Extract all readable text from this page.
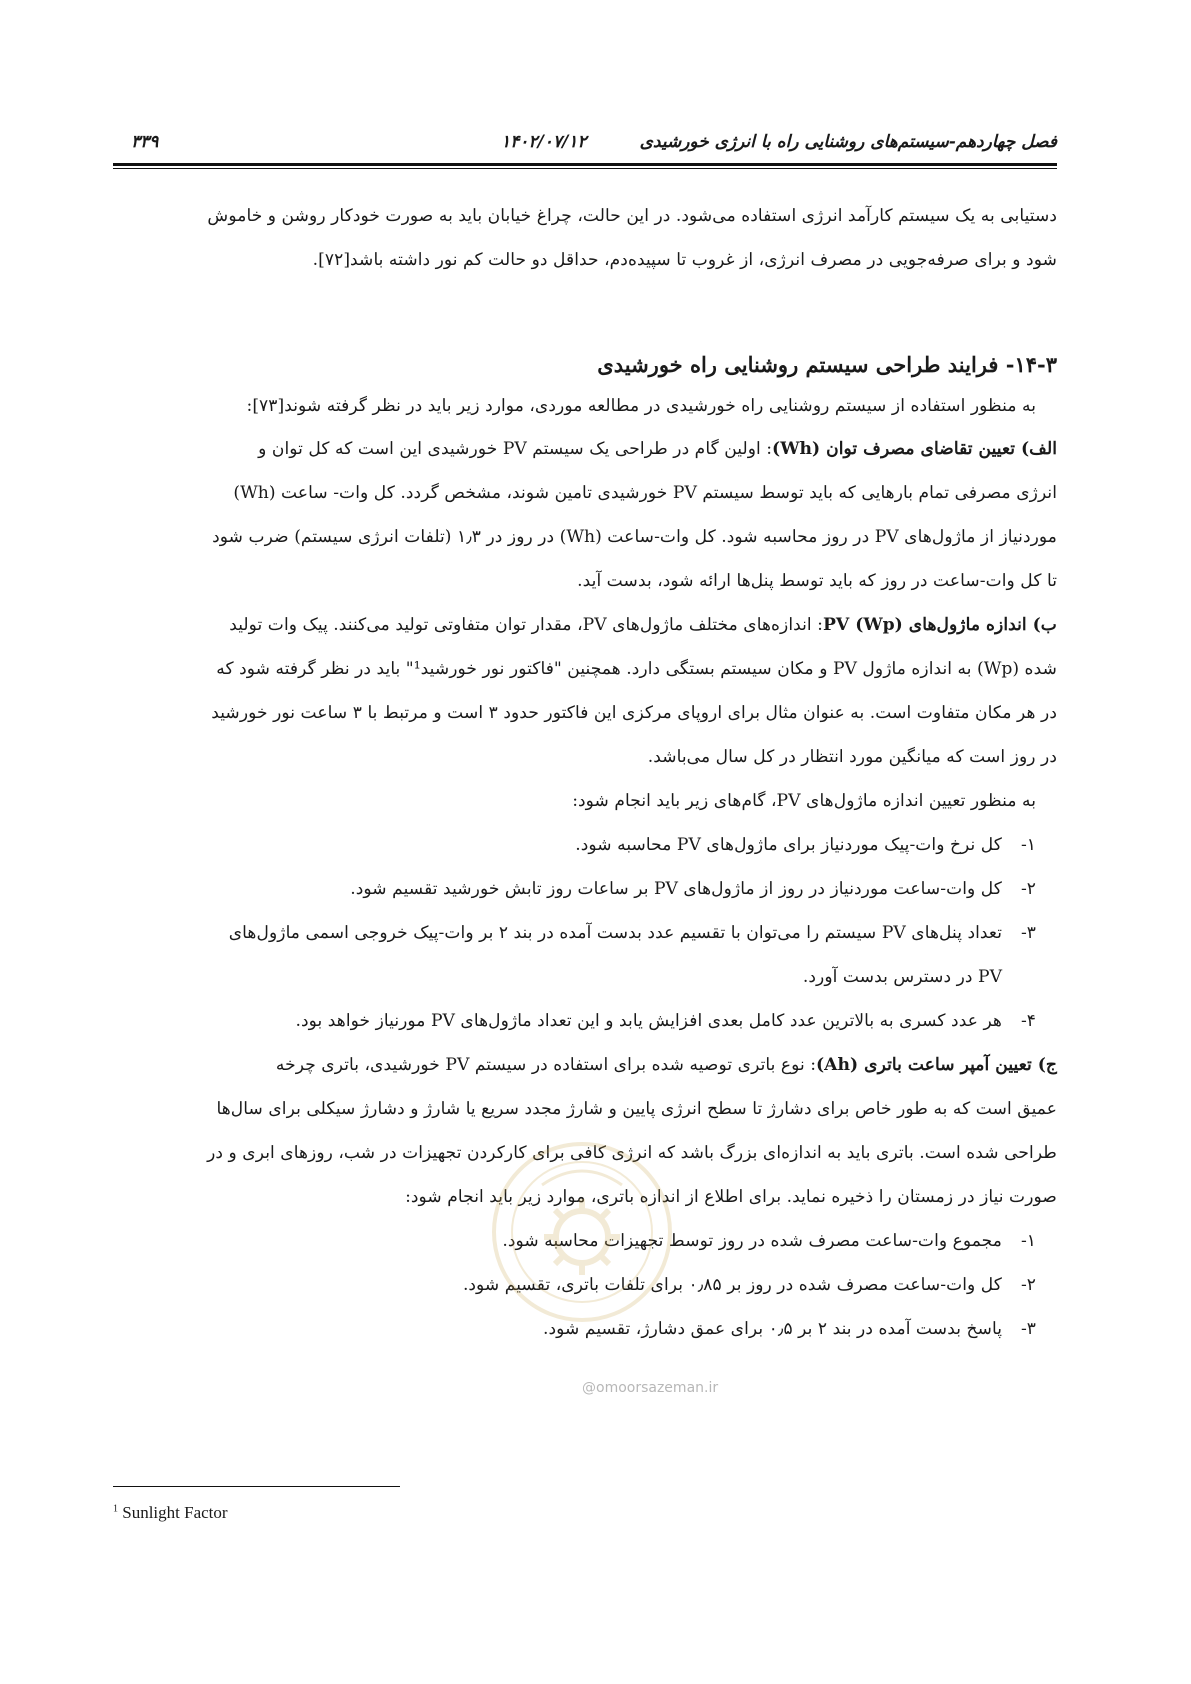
فصل چهاردهم-سیستم‌های روشنایی راه با انرژی خورشیدی
۱۴۰۲/۰۷/۱۲
۳۳۹
دستیابی به یک سیستم کارآمد انرژی استفاده می‌شود. در این حالت، چراغ خیابان باید به صورت خودکار روشن و خاموش
شود و برای صرفه‌جویی در مصرف انرژی، از غروب تا سپیده‌دم، حداقل دو حالت کم نور داشته باشد[۷۲].
۱۴-۳- فرایند طراحی سیستم روشنایی راه خورشیدی
به منظور استفاده از سیستم روشنایی راه خورشیدی در مطالعه موردی، موارد زیر باید در نظر گرفته شوند[۷۳]:
الف) تعیین تقاضای مصرف توان (Wh): اولین گام در طراحی یک سیستم PV خورشیدی این است که کل توان و
انرژی مصرفی تمام بارهایی که باید توسط سیستم PV خورشیدی تامین شوند، مشخص گردد. کل وات- ساعت (Wh)
موردنیاز از ماژول‌های PV در روز محاسبه شود. کل وات-ساعت (Wh) در روز در ۱٫۳ (تلفات انرژی سیستم) ضرب شود
تا کل وات-ساعت در روز که باید توسط پنل‌ها ارائه شود، بدست آید.
ب) اندازه ماژول‌های PV (Wp): اندازه‌های مختلف ماژول‌های PV، مقدار توان متفاوتی تولید می‌کنند. پیک وات تولید
شده (Wp) به اندازه ماژول PV و مکان سیستم بستگی دارد. همچنین "فاکتور نور خورشید¹" باید در نظر گرفته شود که
در هر مکان متفاوت است. به عنوان مثال برای اروپای مرکزی این فاکتور حدود ۳ است و مرتبط با ۳ ساعت نور خورشید
در روز است که میانگین مورد انتظار در کل سال می‌باشد.
به منظور تعیین اندازه ماژول‌های PV، گام‌های زیر باید انجام شود:
۱-کل نرخ وات-پیک موردنیاز برای ماژول‌های PV محاسبه شود.
۲-کل وات-ساعت موردنیاز در روز از ماژول‌های PV بر ساعات روز تابش خورشید تقسیم شود.
۳-تعداد پنل‌های PV سیستم را می‌توان با تقسیم عدد بدست آمده در بند ۲ بر وات-پیک خروجی اسمی ماژول‌های
PV در دسترس بدست آورد.
۴-هر عدد کسری به بالاترین عدد کامل بعدی افزایش یابد و این تعداد ماژول‌های PV مورنیاز خواهد بود.
ج) تعیین آمپر ساعت باتری (Ah): نوع باتری توصیه شده برای استفاده در سیستم PV خورشیدی، باتری چرخه
عمیق است که به طور خاص برای دشارژ تا سطح انرژی پایین و شارژ مجدد سریع یا شارژ و دشارژ سیکلی برای سال‌ها
طراحی شده است. باتری باید به اندازه‌ای بزرگ باشد که انرژی کافی برای کارکردن تجهیزات در شب، روزهای ابری و در
صورت نیاز در زمستان را ذخیره نماید. برای اطلاع از اندازه باتری، موارد زیر باید انجام شود:
۱-مجموع وات-ساعت مصرف شده در روز توسط تجهیزات محاسبه شود.
۲-کل وات-ساعت مصرف شده در روز بر ۰٫۸۵ برای تلفات باتری، تقسیم شود.
۳-پاسخ بدست آمده در بند ۲ بر ۰٫۵ برای عمق دشارژ، تقسیم شود.
@omoorsazeman.ir
$^1$ Sunlight Factor
